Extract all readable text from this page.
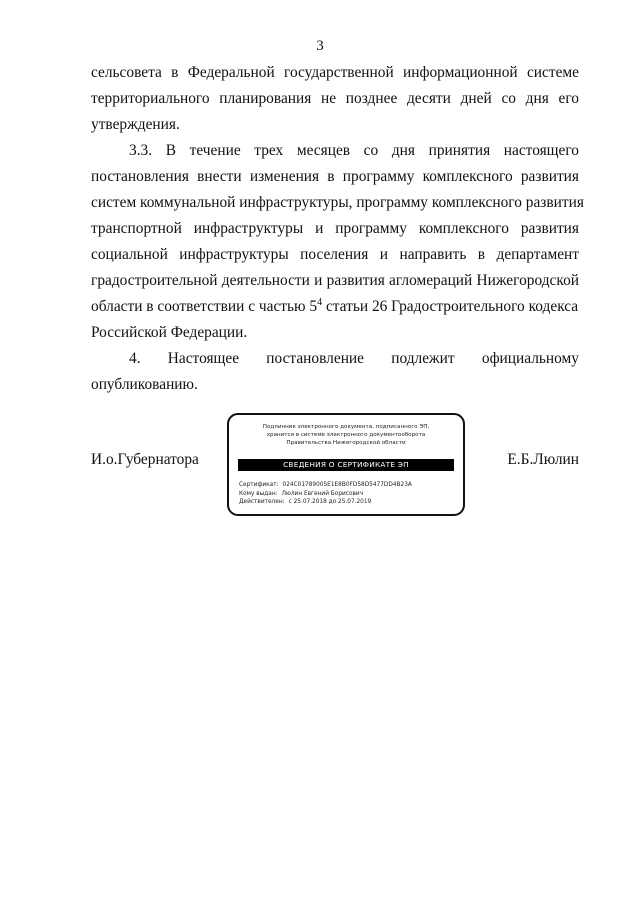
3
сельсовета в Федеральной государственной информационной системе
территориального планирования не позднее десяти дней со дня его
утверждения.
3.3. В течение трех месяцев со дня принятия настоящего
постановления внести изменения в программу комплексного развития
систем коммунальной инфраструктуры, программу комплексного развития
транспортной инфраструктуры и программу комплексного развития
социальной инфраструктуры поселения и направить в департамент
градостроительной деятельности и развития агломераций Нижегородской
области в соответствии с частью $5^4$ статьи 26 Градостроительного кодекса
Российской Федерации.
4. Настоящее постановление подлежит официальному
опубликованию.
И.о.Губернатора
Подлинник электронного документа, подписанного ЭП,
хранится в системе электронного документооборота
Правительства Нижегородской области
СВЕДЕНИЯ О СЕРТИФИКАТЕ ЭП
Сертификат: 024C01789005E1E8B0FD58D5477DD4B23A
Кому выдан: Люлин Евгений Борисович
Действителен: с 25.07.2018 до 25.07.2019
Е.Б.Люлин
